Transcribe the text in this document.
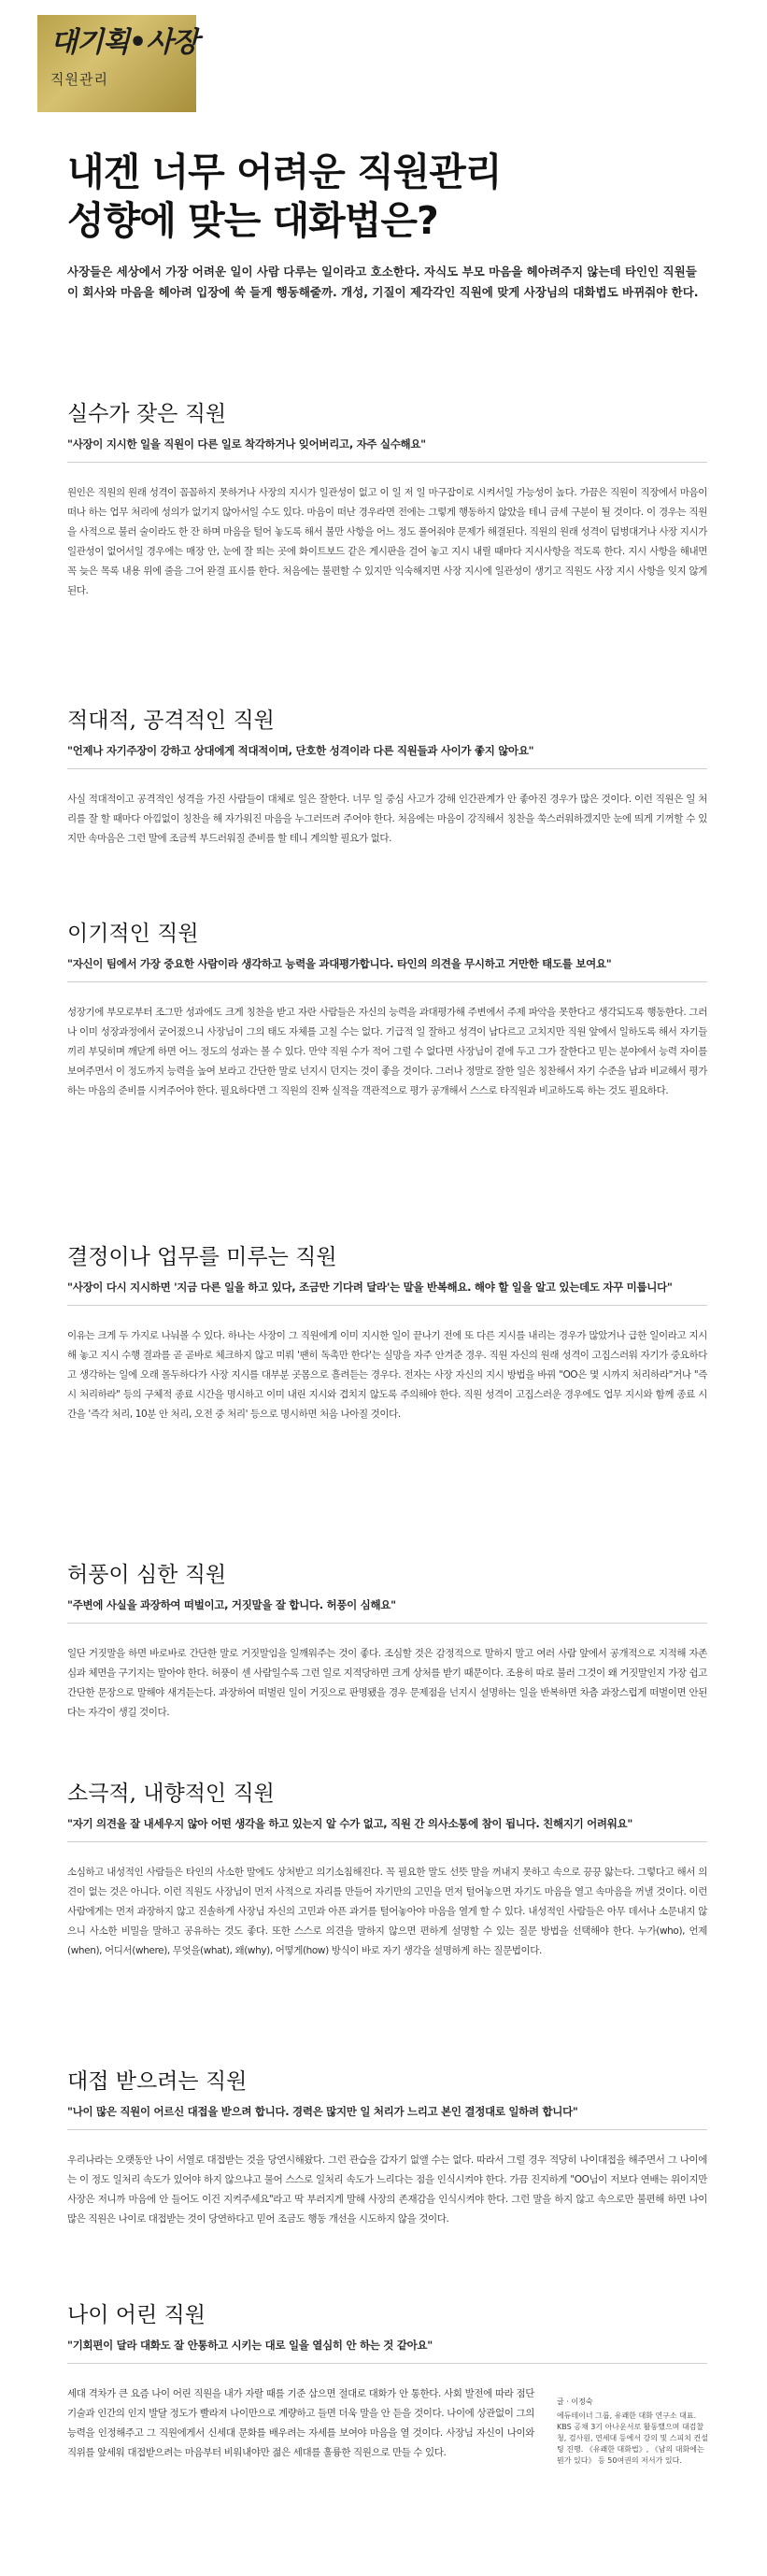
대기획•사장
직원관리
내겐 너무 어려운 직원관리
성향에 맞는 대화법은?

사장들은 세상에서 가장 어려운 일이 사람 다루는 일이라고 호소한다. 자식도 부모 마음을 헤아려주지 않는데 타인인 직원들이 회사와 마음을 헤아려 입장에 쑥 들게 행동해줄까. 개성, 기질이 제각각인 직원에 맞게 사장님의 대화법도 바뀌줘야 한다.

실수가 잦은 직원

"사장이 지시한 일을 직원이 다른 일로 착각하거나 잊어버리고, 자주 실수해요"

원인은 직원의 원래 성격이 꼼꼼하지 못하거나 사장의 지시가 일관성이 없고 이 일 저 일 마구잡이로 시켜서일 가능성이 높다. 가끔은 직원이 직장에서 마음이 떠나 하는 업무 처리에 성의가 없기지 않아서일 수도 있다. 마음이 떠난 경우라면 전에는 그렇게 행동하지 않았을 테니 금세 구분이 될 것이다. 이 경우는 직원을 사적으로 불러 술이라도 한 잔 하며 마음을 털어 놓도록 해서 불만 사항을 어느 정도 풀어줘야 문제가 해결된다. 직원의 원래 성격이 덤벙대거나 사장 지시가 일관성이 없어서일 경우에는 매장 안, 눈에 잘 띄는 곳에 화이트보드 같은 게시판을 걸어 놓고 지시 내릴 때마다 지시사항을 적도록 한다. 지시 사항을 해내면 꼭 늦은 목록 내용 위에 줄을 그어 완결 표시를 한다. 처음에는 불편할 수 있지만 익숙해지면 사장 지시에 일관성이 생기고 직원도 사장 지시 사항을 잊지 않게 된다.

적대적, 공격적인 직원

"언제나 자기주장이 강하고 상대에게 적대적이며, 단호한 성격이라 다른 직원들과 사이가 좋지 않아요"

사실 적대적이고 공격적인 성격을 가진 사람들이 대체로 일은 잘한다. 너무 일 중심 사고가 강해 인간관계가 안 좋아진 경우가 많은 것이다. 이런 직원은 일 처리를 잘 할 때마다 아낌없이 칭찬을 해 자가워진 마음을 누그러뜨려 주어야 한다. 처음에는 마음이 강직해서 칭찬을 쑥스러워하겠지만 눈에 띄게 기꺼할 수 있지만 속마음은 그런 말에 조금씩 부드러워질 준비를 할 테니 계의할 필요가 없다.

이기적인 직원

"자신이 팀에서 가장 중요한 사람이라 생각하고 능력을 과대평가합니다. 타인의 의견을 무시하고 거만한 태도를 보여요"

성장기에 부모로부터 조그만 성과에도 크게 칭찬을 받고 자란 사람들은 자신의 능력을 과대평가해 주변에서 주제 파악을 못한다고 생각되도록 행동한다. 그러나 이미 성장과정에서 굳어졌으니 사장님이 그의 태도 자체를 고칠 수는 없다. 기급적 일 잘하고 성격이 남다르고 고치지만 직원 앞에서 일하도록 해서 자기들끼리 부딪히며 깨닫게 하면 어느 정도의 성과는 볼 수 있다. 만약 직원 수가 적어 그럴 수 없다면 사장님이 곁에 두고 그가 잘한다고 믿는 분야에서 능력 자이를 보여주면서 이 정도까지 능력을 높여 보라고 간단한 말로 넌지시 던지는 것이 좋을 것이다. 그러나 정말로 잘한 일은 칭찬해서 자기 수준을 남과 비교해서 평가하는 마음의 준비를 시켜주어야 한다. 필요하다면 그 직원의 진짜 실적을 객관적으로 평가 공개해서 스스로 타직원과 비교하도록 하는 것도 필요하다.

결정이나 업무를 미루는 직원

"사장이 다시 지시하면 '지금 다른 일을 하고 있다, 조금만 기다려 달라'는 말을 반복해요. 해야 할 일을 알고 있는데도 자꾸 미룹니다"

이유는 크게 두 가지로 나눠볼 수 있다. 하나는 사장이 그 직원에게 이미 지시한 일이 끝나기 전에 또 다른 지시를 내리는 경우가 많았거나 급한 일이라고 지시해 놓고 지시 수행 결과를 곧 곧바로 체크하지 않고 미뤄 '팬히 독촉만 한다'는 실망을 자주 안겨준 경우. 직원 자신의 원래 성격이 고집스러워 자기가 중요하다고 생각하는 일에 오래 몰두하다가 사장 지시를 대부분 곳몸으로 흘려듣는 경우다. 전자는 사장 자신의 지시 방법을 바꿔 "OO은 몇 시까지 처리하라"거나 "즉시 처리하라" 등의 구체적 종료 시간을 명시하고 이미 내린 지시와 겹치지 않도록 주의해야 한다. 직원 성격이 고집스러운 경우에도 업무 지시와 함께 종료 시간을 '즉각 처리, 10분 안 처리, 오전 중 처리' 등으로 명시하면 처음 나아질 것이다.

허풍이 심한 직원

"주변에 사실을 과장하여 떠벌이고, 거짓말을 잘 합니다. 허풍이 심해요"

일단 거짓말을 하면 바로바로 간단한 말로 거짓말임을 일깨워주는 것이 좋다. 조심할 것은 감정적으로 말하지 말고 여러 사람 앞에서 공개적으로 지적해 자존심과 체면을 구기지는 말아야 한다. 허풍이 센 사람일수록 그런 일로 지적당하면 크게 상처를 받기 때문이다. 조용히 따로 불러 그것이 왜 거짓말인지 가장 쉽고 간단한 문장으로 말해야 새겨듣는다. 과장하여 떠벌린 일이 거짓으로 판명됐을 경우 문제점을 넌지시 설명하는 일을 반복하면 차츰 과장스럽게 떠벌이면 안된다는 자각이 생길 것이다.

소극적, 내향적인 직원

"자기 의견을 잘 내세우지 않아 어떤 생각을 하고 있는지 알 수가 없고, 직원 간 의사소통에 참이 됩니다. 친해지기 어려워요"

소심하고 내성적인 사람들은 타인의 사소한 말에도 상처받고 의기소침해진다. 꼭 필요한 말도 선뜻 말을 꺼내지 못하고 속으로 끙끙 앓는다. 그렇다고 해서 의견이 없는 것은 아니다. 이런 직원도 사장님이 먼저 사적으로 자리를 만들어 자기만의 고민을 먼저 털어놓으면 자기도 마음을 열고 속마음을 꺼낼 것이다. 이런 사람에게는 먼저 과장하지 않고 진솔하게 사장님 자신의 고민과 아픈 과거를 털어놓아야 마음을 열게 할 수 있다. 내성적인 사람들은 아무 데서나 소문내지 않으니 사소한 비밀을 말하고 공유하는 것도 좋다. 또한 스스로 의견을 말하지 않으면 편하게 설명할 수 있는 질문 방법을 선택해야 한다. 누가(who), 언제(when), 어디서(where), 무엇을(what), 왜(why), 어떻게(how) 방식이 바로 자기 생각을 설명하게 하는 질문법이다.

대접 받으려는 직원

"나이 많은 직원이 어르신 대접을 받으려 합니다. 경력은 많지만 일 처리가 느리고 본인 결정대로 일하려 합니다"

우리나라는 오랫동안 나이 서열로 대접받는 것을 당연시해왔다. 그런 관습을 갑자기 없앨 수는 없다. 따라서 그럴 경우 적당히 나이대접을 해주면서 그 나이에는 이 정도 일처리 속도가 있어야 하지 않으냐고 물어 스스로 일처리 속도가 느리다는 점을 인식시켜야 한다. 가끔 진지하게 "OO님이 저보다 연배는 위이지만 사장은 저니까 마음에 안 들어도 이건 지켜주세요"라고 딱 부러지게 말해 사장의 존재감을 인식시켜야 한다. 그런 말을 하지 않고 속으로만 불편해 하면 나이 많은 직원은 나이로 대접받는 것이 당연하다고 믿어 조금도 행동 개선을 시도하지 않을 것이다.

나이 어린 직원

"기회편이 달라 대화도 잘 안통하고 시키는 대로 일을 열심히 안 하는 것 같아요"

세대 격차가 큰 요즘 나이 어린 직원을 내가 자랄 때를 기준 삼으면 절대로 대화가 안 통한다. 사회 발전에 따라 점단 기술과 인간의 인지 발달 정도가 빨라져 나이만으로 계량하고 들면 더욱 말을 안 듣을 것이다. 나이에 상관없이 그의 능력을 인정해주고 그 직원에게서 신세대 문화를 배우려는 자세를 보여야 마음을 열 것이다. 사장님 자신이 나이와 직위를 앞세워 대접받으려는 마음부터 비워내야만 젊은 세대를 훌륭한 직원으로 만들 수 있다.

글 · 이정숙
에듀테이너 그룹, 유쾌한 대화 연구소 대표. KBS 공채 3기 아나운서로 활동했으며 대검찰청, 검사원, 연세대 등에서 강의 및 스피치 컨설팅 진행. 《유쾌한 대화법》, 《남의 대화에는 뭔가 있다》 등 50여권의 저서가 있다.
